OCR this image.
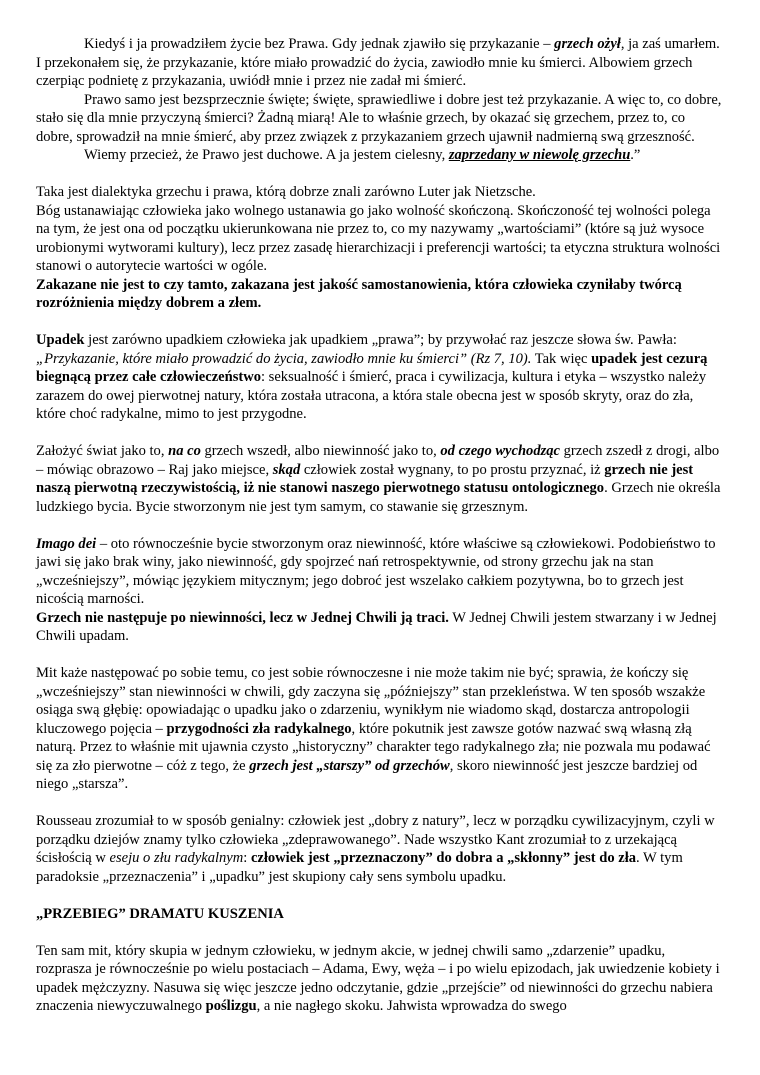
Kiedyś i ja prowadziłem życie bez Prawa. Gdy jednak zjawiło się przykazanie – grzech ożył, ja zaś umarłem. I przekonałem się, że przykazanie, które miało prowadzić do życia, zawiodło mnie ku śmierci. Albowiem grzech czerpiąc podnietę z przykazania, uwiódł mnie i przez nie zadał mi śmierć.

Prawo samo jest bezsprzecznie święte; święte, sprawiedliwe i dobre jest też przykazanie. A więc to, co dobre, stało się dla mnie przyczyną śmierci? Żadną miarą! Ale to właśnie grzech, by okazać się grzechem, przez to, co dobre, sprowadził na mnie śmierć, aby przez związek z przykazaniem grzech ujawnił nadmierną swą grzeszność.

Wiemy przecież, że Prawo jest duchowe. A ja jestem cielesny, zaprzedany w niewolę grzechu.”

Taka jest dialektyka grzechu i prawa, którą dobrze znali zarówno Luter jak Nietzsche.

Bóg ustanawiając człowieka jako wolnego ustanawia go jako wolność skończoną. Skończoność tej wolności polega na tym, że jest ona od początku ukierunkowana nie przez to, co my nazywamy „wartościami” (które są już wysoce urobionymi wytworami kultury), lecz przez zasadę hierarchizacji i preferencji wartości; ta etyczna struktura wolności stanowi o autorytecie wartości w ogóle.

Zakazane nie jest to czy tamto, zakazana jest jakość samostanowienia, która człowieka czyniłaby twórcą rozróżnienia między dobrem a złem.

Upadek jest zarówno upadkiem człowieka jak upadkiem „prawa”; by przywołać raz jeszcze słowa św. Pawła: „Przykazanie, które miało prowadzić do życia, zawiodło mnie ku śmierci” (Rz 7, 10). Tak więc upadek jest cezurą biegnącą przez całe człowieczeństwo: seksualność i śmierć, praca i cywilizacja, kultura i etyka – wszystko należy zarazem do owej pierwotnej natury, która została utracona, a która stale obecna jest w sposób skryty, oraz do zła, które choć radykalne, mimo to jest przygodne.

Założyć świat jako to, na co grzech wszedł, albo niewinność jako to, od czego wychodząc grzech zszedł z drogi, albo – mówiąc obrazowo – Raj jako miejsce, skąd człowiek został wygnany, to po prostu przyznać, iż grzech nie jest naszą pierwotną rzeczywistością, iż nie stanowi naszego pierwotnego statusu ontologicznego. Grzech nie określa ludzkiego bycia. Bycie stworzonym nie jest tym samym, co stawanie się grzesznym.

Imago dei – oto równocześnie bycie stworzonym oraz niewinność, które właściwe są człowiekowi. Podobieństwo to jawi się jako brak winy, jako niewinność, gdy spojrzeć nań retrospektywnie, od strony grzechu jak na stan „wcześniejszy”, mówiąc językiem mitycznym; jego dobroć jest wszelako całkiem pozytywna, bo to grzech jest nicością marności.

Grzech nie następuje po niewinności, lecz w Jednej Chwili ją traci. W Jednej Chwili jestem stwarzany i w Jednej Chwili upadam.

Mit każe następować po sobie temu, co jest sobie równoczesne i nie może takim nie być; sprawia, że kończy się „wcześniejszy” stan niewinności w chwili, gdy zaczyna się „późniejszy” stan przekleństwa. W ten sposób wszakże osiąga swą głębię: opowiadając o upadku jako o zdarzeniu, wynikłym nie wiadomo skąd, dostarcza antropologii kluczowego pojęcia – przygodności zła radykalnego, które pokutnik jest zawsze gotów nazwać swą własną złą naturą. Przez to właśnie mit ujawnia czysto „historyczny” charakter tego radykalnego zła; nie pozwala mu podawać się za zło pierwotne – cóż z tego, że grzech jest „starszy” od grzechów, skoro niewinność jest jeszcze bardziej od niego „starsza”.

Rousseau zrozumiał to w sposób genialny: człowiek jest „dobry z natury”, lecz w porządku cywilizacyjnym, czyli w porządku dziejów znamy tylko człowieka „zdeprawowanego”. Nade wszystko Kant zrozumiał to z urzekającą ścisłością w eseju o złu radykalnym: człowiek jest „przeznaczony” do dobra a „skłonny” jest do zła. W tym paradoksie „przeznaczenia” i „upadku” jest skupiony cały sens symbolu upadku.

„PRZEBIEG” DRAMATU KUSZENIA

Ten sam mit, który skupia w jednym człowieku, w jednym akcie, w jednej chwili samo „zdarzenie” upadku, rozprasza je równocześnie po wielu postaciach – Adama, Ewy, węża – i po wielu epizodach, jak uwiedzenie kobiety i upadek mężczyzny. Nasuwa się więc jeszcze jedno odczytanie, gdzie „przejście” od niewinności do grzechu nabiera znaczenia niewyczuwalnego poślizgu, a nie nagłego skoku. Jahwista wprowadza do swego
